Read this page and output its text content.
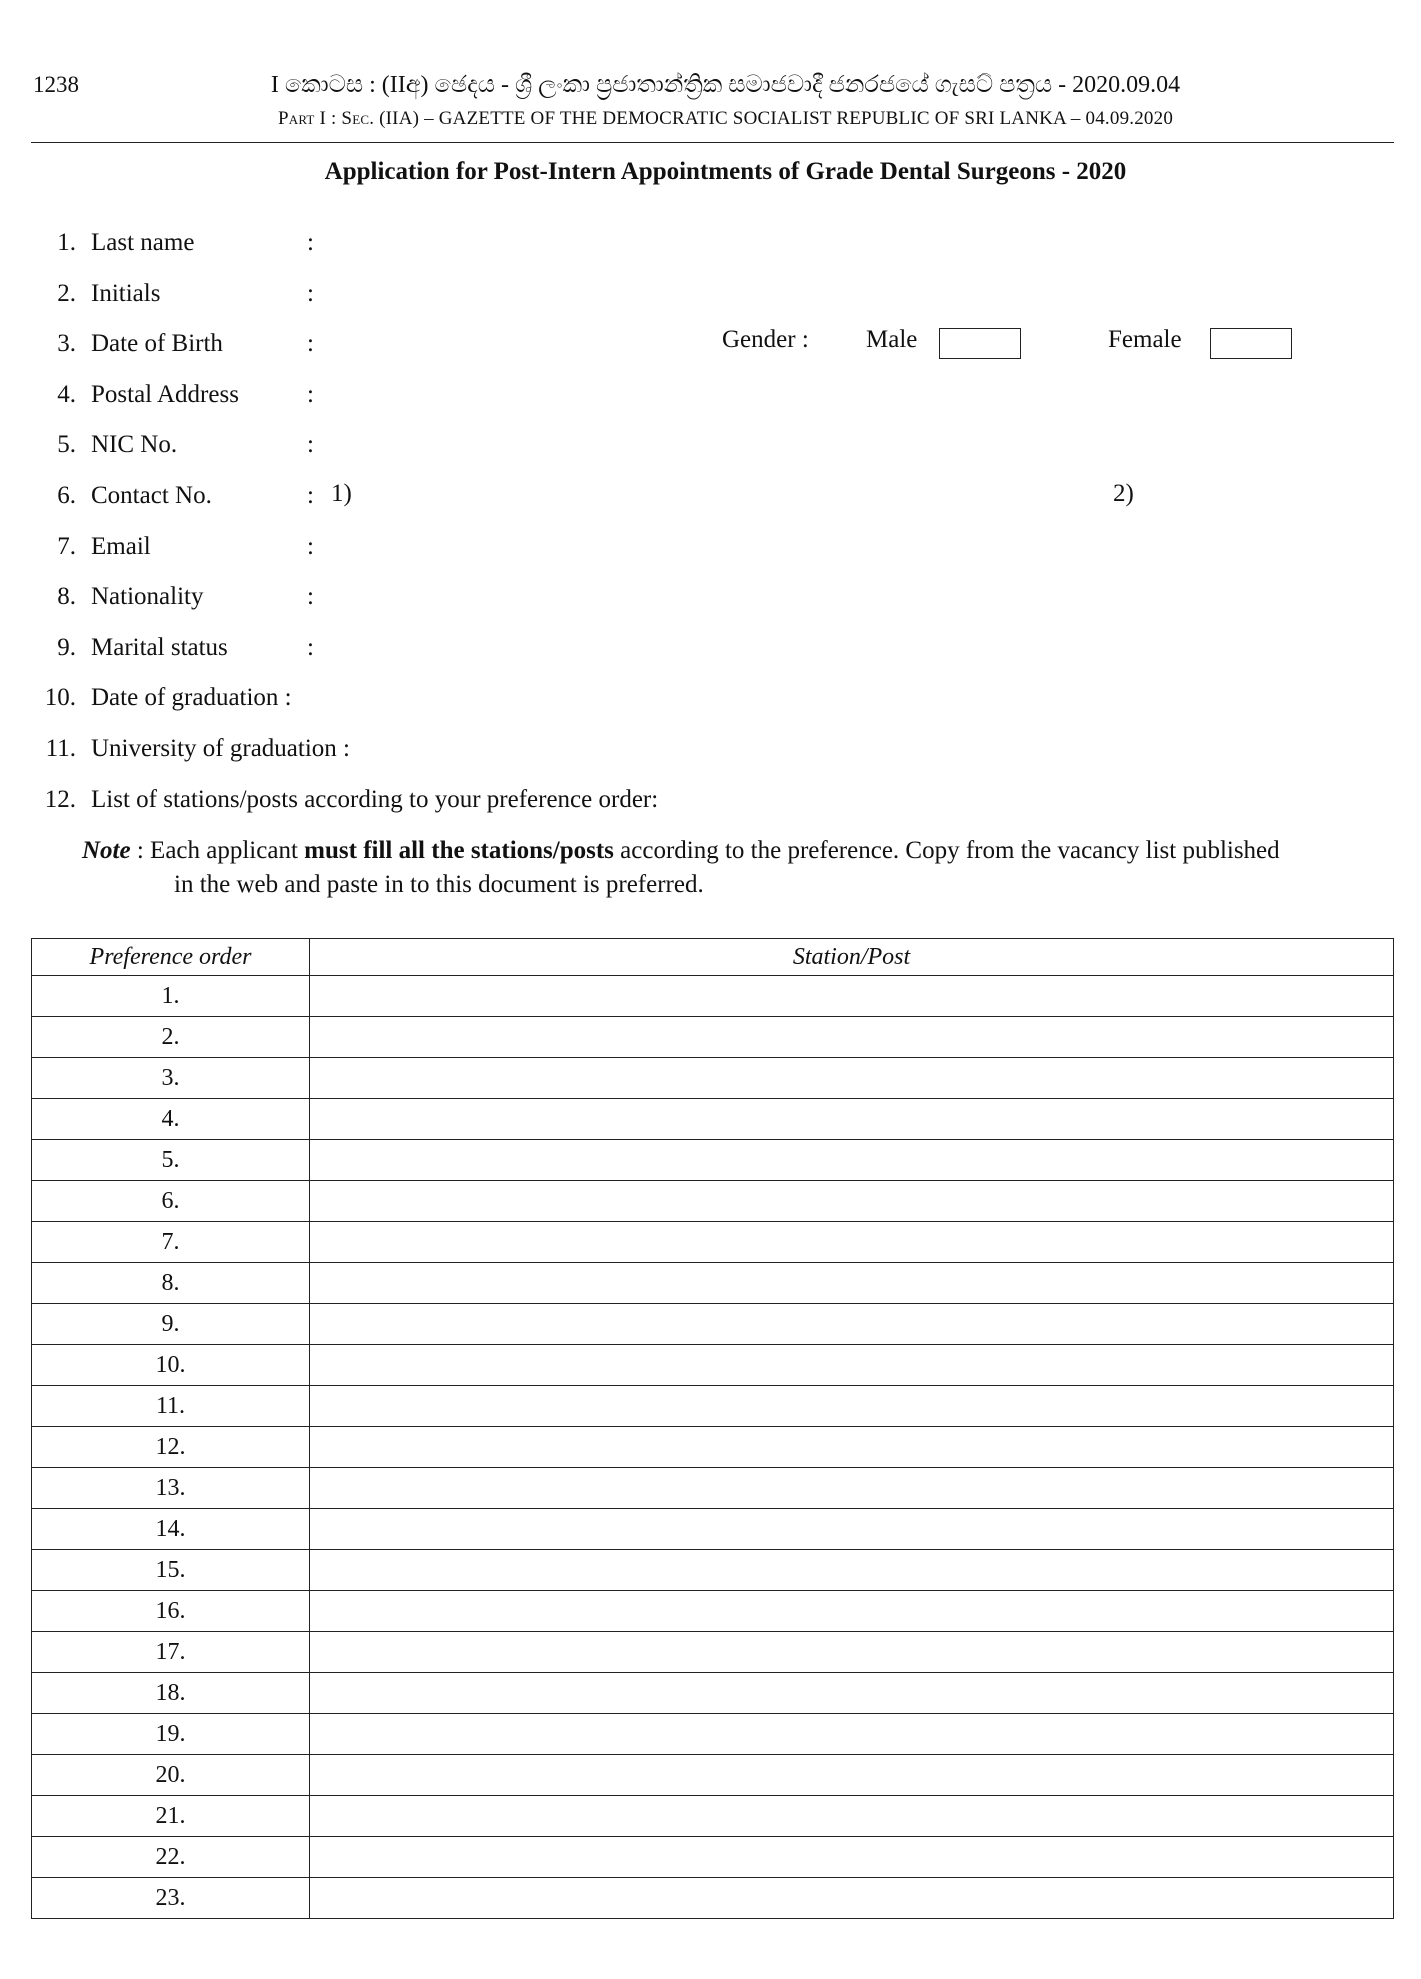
1238	I කොටස : (IIඅ) ඡෙදය - ශ්‍රී ලංකා ප්‍රජාතාන්ත්‍රික සමාජවාදී ජනරජයේ ගැසට් පත්‍රය - 2020.09.04
Part I : Sec. (IIA) – GAZETTE OF THE DEMOCRATIC SOCIALIST REPUBLIC OF SRI LANKA – 04.09.2020
Application for Post-Intern Appointments of Grade Dental Surgeons - 2020
1. Last name	:
2. Initials	:
3. Date of Birth	:
4. Postal Address	:
5. NIC No.	:
6. Contact No.	:
7. Email	:
8. Nationality	:
9. Marital status	:
10. Date of graduation :
11. University of graduation :
12. List of stations/posts according to your preference order:
Gender : Male	Female
1)	2)
Note : Each applicant must fill all the stations/posts according to the preference. Copy from the vacancy list published
in the web and paste in to this document is preferred.
Preference order	Station/Post
1.	
2.	
3.	
4.	
5.	
6.	
7.	
8.	
9.	
10.	
11.	
12.	
13.	
14.	
15.	
16.	
17.	
18.	
19.	
20.	
21.	
22.	
23.	
